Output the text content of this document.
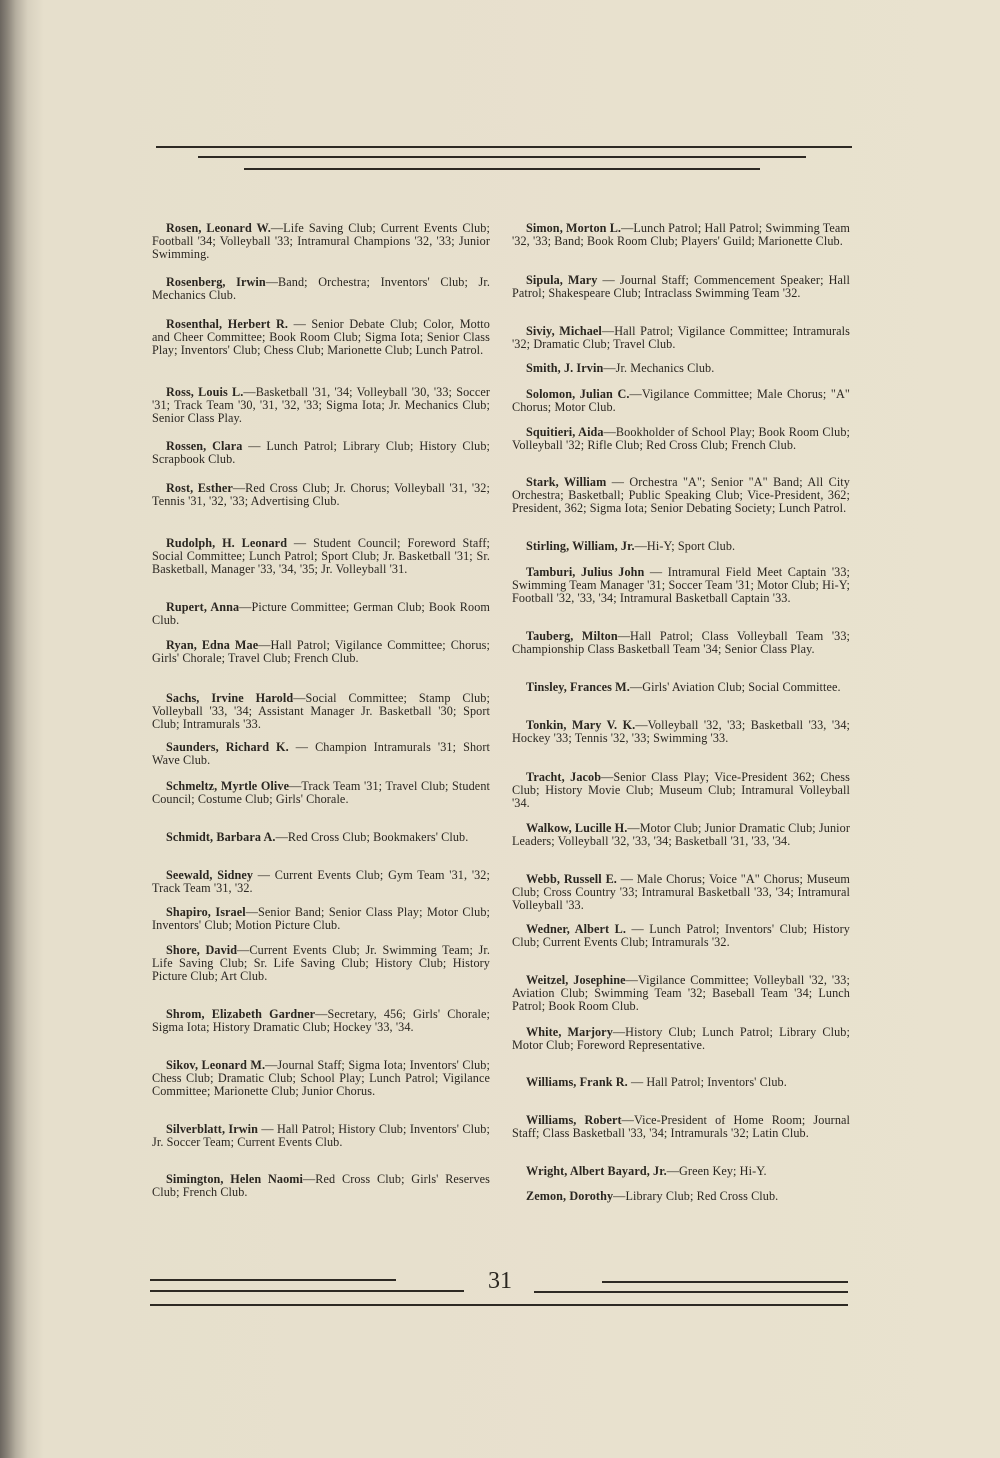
Rosen, Leonard W.—Life Saving Club; Current Events Club; Football '34; Volleyball '33; Intramural Champions '32, '33; Junior Swimming.

Rosenberg, Irwin—Band; Orchestra; Inventors' Club; Jr. Mechanics Club.

Rosenthal, Herbert R. — Senior Debate Club; Color, Motto and Cheer Committee; Book Room Club; Sigma Iota; Senior Class Play; Inventors' Club; Chess Club; Marionette Club; Lunch Patrol.

Ross, Louis L.—Basketball '31, '34; Volleyball '30, '33; Soccer '31; Track Team '30, '31, '32, '33; Sigma Iota; Jr. Mechanics Club; Senior Class Play.

Rossen, Clara — Lunch Patrol; Library Club; History Club; Scrapbook Club.

Rost, Esther—Red Cross Club; Jr. Chorus; Volleyball '31, '32; Tennis '31, '32, '33; Advertising Club.

Rudolph, H. Leonard — Student Council; Foreword Staff; Social Committee; Lunch Patrol; Sport Club; Jr. Basketball '31; Sr. Basketball, Manager '33, '34, '35; Jr. Volleyball '31.

Rupert, Anna—Picture Committee; German Club; Book Room Club.

Ryan, Edna Mae—Hall Patrol; Vigilance Committee; Chorus; Girls' Chorale; Travel Club; French Club.

Sachs, Irvine Harold—Social Committee; Stamp Club; Volleyball '33, '34; Assistant Manager Jr. Basketball '30; Sport Club; Intramurals '33.

Saunders, Richard K. — Champion Intramurals '31; Short Wave Club.

Schmeltz, Myrtle Olive—Track Team '31; Travel Club; Student Council; Costume Club; Girls' Chorale.

Schmidt, Barbara A.—Red Cross Club; Bookmakers' Club.

Seewald, Sidney — Current Events Club; Gym Team '31, '32; Track Team '31, '32.

Shapiro, Israel—Senior Band; Senior Class Play; Motor Club; Inventors' Club; Motion Picture Club.

Shore, David—Current Events Club; Jr. Swimming Team; Jr. Life Saving Club; Sr. Life Saving Club; History Club; History Picture Club; Art Club.

Shrom, Elizabeth Gardner—Secretary, 456; Girls' Chorale; Sigma Iota; History Dramatic Club; Hockey '33, '34.

Sikov, Leonard M.—Journal Staff; Sigma Iota; Inventors' Club; Chess Club; Dramatic Club; School Play; Lunch Patrol; Vigilance Committee; Marionette Club; Junior Chorus.

Silverblatt, Irwin — Hall Patrol; History Club; Inventors' Club; Jr. Soccer Team; Current Events Club.

Simington, Helen Naomi—Red Cross Club; Girls' Reserves Club; French Club.

Simon, Morton L.—Lunch Patrol; Hall Patrol; Swimming Team '32, '33; Band; Book Room Club; Players' Guild; Marionette Club.

Sipula, Mary — Journal Staff; Commencement Speaker; Hall Patrol; Shakespeare Club; Intraclass Swimming Team '32.

Siviy, Michael—Hall Patrol; Vigilance Committee; Intramurals '32; Dramatic Club; Travel Club.

Smith, J. Irvin—Jr. Mechanics Club.

Solomon, Julian C.—Vigilance Committee; Male Chorus; "A" Chorus; Motor Club.

Squitieri, Aida—Bookholder of School Play; Book Room Club; Volleyball '32; Rifle Club; Red Cross Club; French Club.

Stark, William — Orchestra "A"; Senior "A" Band; All City Orchestra; Basketball; Public Speaking Club; Vice-President, 362; President, 362; Sigma Iota; Senior Debating Society; Lunch Patrol.

Stirling, William, Jr.—Hi-Y; Sport Club.

Tamburi, Julius John — Intramural Field Meet Captain '33; Swimming Team Manager '31; Soccer Team '31; Motor Club; Hi-Y; Football '32, '33, '34; Intramural Basketball Captain '33.

Tauberg, Milton—Hall Patrol; Class Volleyball Team '33; Championship Class Basketball Team '34; Senior Class Play.

Tinsley, Frances M.—Girls' Aviation Club; Social Committee.

Tonkin, Mary V. K.—Volleyball '32, '33; Basketball '33, '34; Hockey '33; Tennis '32, '33; Swimming '33.

Tracht, Jacob—Senior Class Play; Vice-President 362; Chess Club; History Movie Club; Museum Club; Intramural Volleyball '34.

Walkow, Lucille H.—Motor Club; Junior Dramatic Club; Junior Leaders; Volleyball '32, '33, '34; Basketball '31, '33, '34.

Webb, Russell E. — Male Chorus; Voice "A" Chorus; Museum Club; Cross Country '33; Intramural Basketball '33, '34; Intramural Volleyball '33.

Wedner, Albert L. — Lunch Patrol; Inventors' Club; History Club; Current Events Club; Intramurals '32.

Weitzel, Josephine—Vigilance Committee; Volleyball '32, '33; Aviation Club; Swimming Team '32; Baseball Team '34; Lunch Patrol; Book Room Club.

White, Marjory—History Club; Lunch Patrol; Library Club; Motor Club; Foreword Representative.

Williams, Frank R. — Hall Patrol; Inventors' Club.

Williams, Robert—Vice-President of Home Room; Journal Staff; Class Basketball '33, '34; Intramurals '32; Latin Club.

Wright, Albert Bayard, Jr.—Green Key; Hi-Y.

Zemon, Dorothy—Library Club; Red Cross Club.

31
